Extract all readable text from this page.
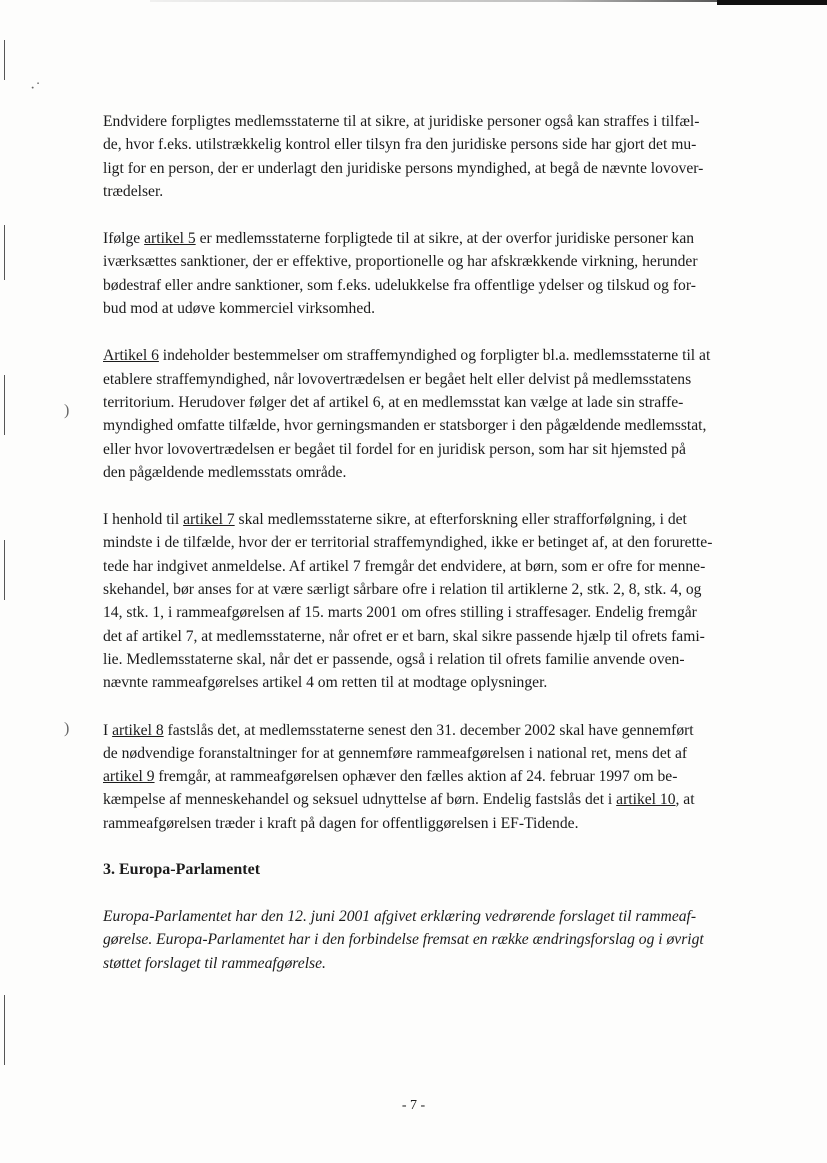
·˙
)
)

Endvidere forpligtes medlemsstaterne til at sikre, at juridiske personer også kan straffes i tilfæl-
de, hvor f.eks. utilstrækkelig kontrol eller tilsyn fra den juridiske persons side har gjort det mu-
ligt for en person, der er underlagt den juridiske persons myndighed, at begå de nævnte lovover-
trædelser.

Ifølge artikel 5 er medlemsstaterne forpligtede til at sikre, at der overfor juridiske personer kan
iværksættes sanktioner, der er effektive, proportionelle og har afskrækkende virkning, herunder
bødestraf eller andre sanktioner, som f.eks. udelukkelse fra offentlige ydelser og tilskud og for-
bud mod at udøve kommerciel virksomhed.

Artikel 6 indeholder bestemmelser om straffemyndighed og forpligter bl.a. medlemsstaterne til at
etablere straffemyndighed, når lovovertrædelsen er begået helt eller delvist på medlemsstatens
territorium. Herudover følger det af artikel 6, at en medlemsstat kan vælge at lade sin straffe-
myndighed omfatte tilfælde, hvor gerningsmanden er statsborger i den pågældende medlemsstat,
eller hvor lovovertrædelsen er begået til fordel for en juridisk person, som har sit hjemsted på
den pågældende medlemsstats område.

I henhold til artikel 7 skal medlemsstaterne sikre, at efterforskning eller strafforfølgning, i det
mindste i de tilfælde, hvor der er territorial straffemyndighed, ikke er betinget af, at den forurette-
tede har indgivet anmeldelse. Af artikel 7 fremgår det endvidere, at børn, som er ofre for menne-
skehandel, bør anses for at være særligt sårbare ofre i relation til artiklerne 2, stk. 2, 8, stk. 4, og
14, stk. 1, i rammeafgørelsen af 15. marts 2001 om ofres stilling i straffesager. Endelig fremgår
det af artikel 7, at medlemsstaterne, når ofret er et barn, skal sikre passende hjælp til ofrets fami-
lie. Medlemsstaterne skal, når det er passende, også i relation til ofrets familie anvende oven-
nævnte rammeafgørelses artikel 4 om retten til at modtage oplysninger.

I artikel 8 fastslås det, at medlemsstaterne senest den 31. december 2002 skal have gennemført
de nødvendige foranstaltninger for at gennemføre rammeafgørelsen i national ret, mens det af
artikel 9 fremgår, at rammeafgørelsen ophæver den fælles aktion af 24. februar 1997 om be-
kæmpelse af menneskehandel og seksuel udnyttelse af børn. Endelig fastslås det i artikel 10, at
rammeafgørelsen træder i kraft på dagen for offentliggørelsen i EF-Tidende.

3. Europa-Parlamentet

Europa-Parlamentet har den 12. juni 2001 afgivet erklæring vedrørende forslaget til rammeaf-
gørelse. Europa-Parlamentet har i den forbindelse fremsat en række ændringsforslag og i øvrigt
støttet forslaget til rammeafgørelse.

- 7 -
